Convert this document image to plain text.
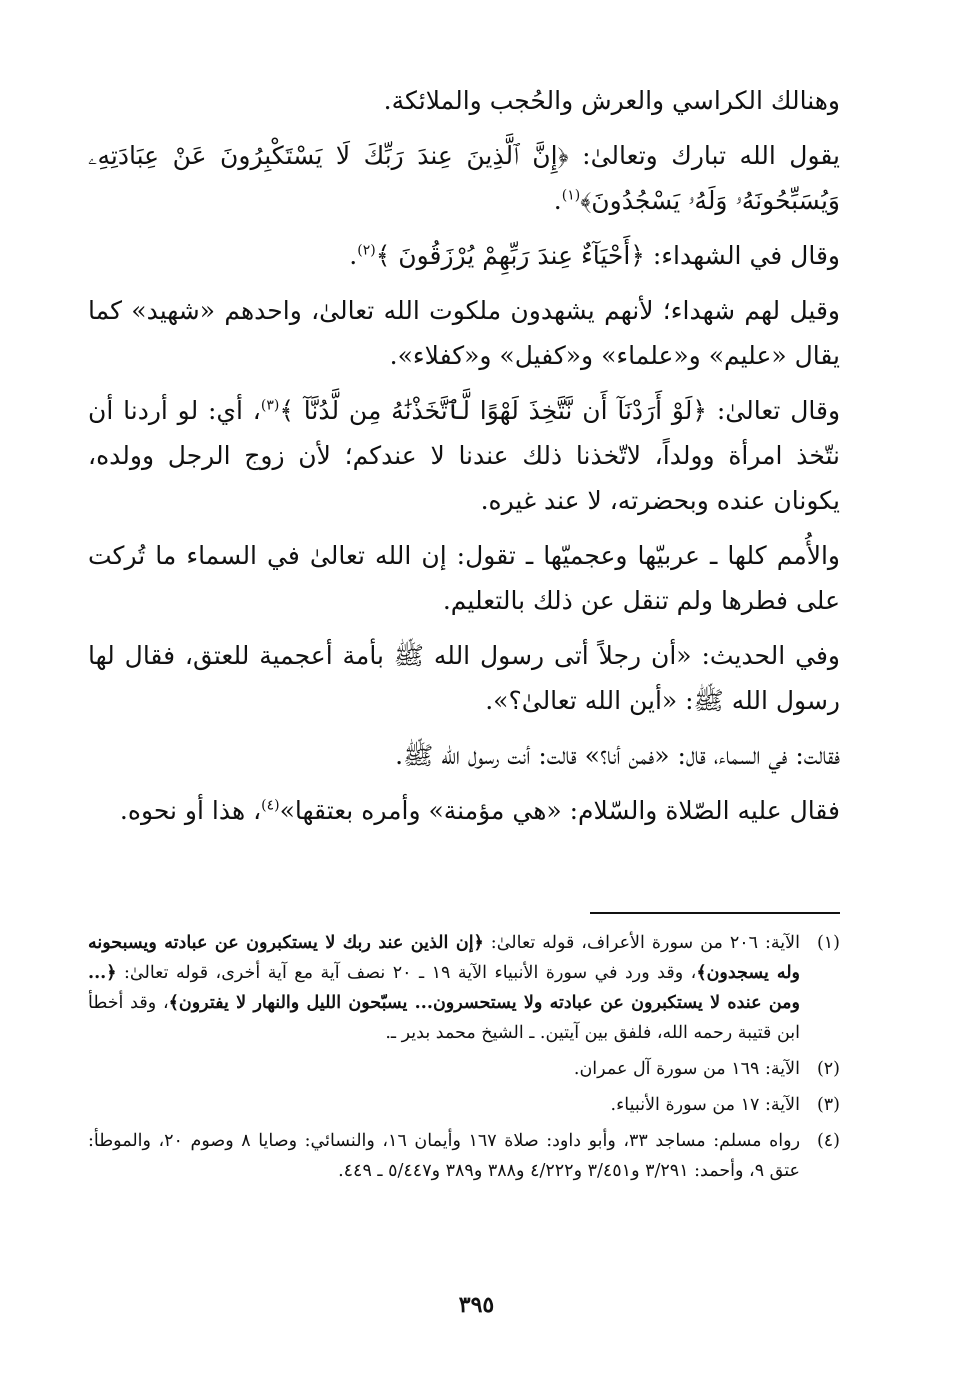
وهنالك الكراسي والعرش والحُجب والملائكة.

يقول الله تبارك وتعالىٰ: ﴿إِنَّ ٱلَّذِينَ عِندَ رَبِّكَ لَا يَسْتَكْبِرُونَ عَنْ عِبَادَتِهِۦ وَيُسَبِّحُونَهُۥ وَلَهُۥ يَسْجُدُونَ﴾$^{(١)}$.

وقال في الشهداء: ﴿أَحْيَآءٌ عِندَ رَبِّهِمْ يُرْزَقُونَ ﴾$^{(٢)}$.

وقيل لهم شهداء؛ لأنهم يشهدون ملكوت الله تعالىٰ، واحدهم «شهيد» كما يقال «عليم» و«علماء» و«كفيل» و«كفلاء».

وقال تعالىٰ: ﴿لَوْ أَرَدْنَآ أَن نَّتَّخِذَ لَهْوًا لَّٱتَّخَذْنَٰهُ مِن لَّدُنَّآ ﴾$^{(٣)}$، أي: لو أردنا أن نتّخذ امرأة وولداً، لاتّخذنا ذلك عندنا لا عندكم؛ لأن زوج الرجل وولده، يكونان عنده وبحضرته، لا عند غيره.

والأُمم كلها ـ عربيّها وعجميّها ـ تقول: إن الله تعالىٰ في السماء ما تُركت على فطرها ولم تنقل عن ذلك بالتعليم.

وفي الحديث: «أن رجلاً أتى رسول الله ﷺ بأمة أعجمية للعتق، فقال لها رسول الله ﷺ: «أين الله تعالىٰ؟».

فقالت: في السماء، قال: «فمن أنا؟» قالت: أنت رسول الله ﷺ.

فقال عليه الصّلاة والسّلام: «هي مؤمنة» وأمره بعتقها»$^{(٤)}$، هذا أو نحوه.

(١)
الآية: ٢٠٦ من سورة الأعراف، قوله تعالىٰ: ﴿إن الذين عند ربك لا يستكبرون عن عبادته ويسبحونه وله يسجدون﴾، وقد ورد في سورة الأنبياء الآية ١٩ ـ ٢٠ نصف آية مع آية أخرى، قوله تعالىٰ: ﴿... ومن عنده لا يستكبرون عن عبادته ولا يستحسرون... يسبّحون الليل والنهار لا يفترون﴾، وقد أخطأ ابن قتيبة رحمه الله، فلفق بين آيتين. ـ الشيخ محمد بدير ـ.
(٢)
الآية: ١٦٩ من سورة آل عمران.
(٣)
الآية: ١٧ من سورة الأنبياء.
(٤)
رواه مسلم: مساجد ٣٣، وأبو داود: صلاة ١٦٧ وأيمان ١٦، والنسائي: وصايا ٨ وصوم ٢٠، والموطأ: عتق ٩، وأحمد: ٣/٢٩١ و٣/٤٥١ و٤/٢٢٢ و٣٨٨ و٣٨٩ و٥/٤٤٧ ـ ٤٤٩.
٣٩٥
